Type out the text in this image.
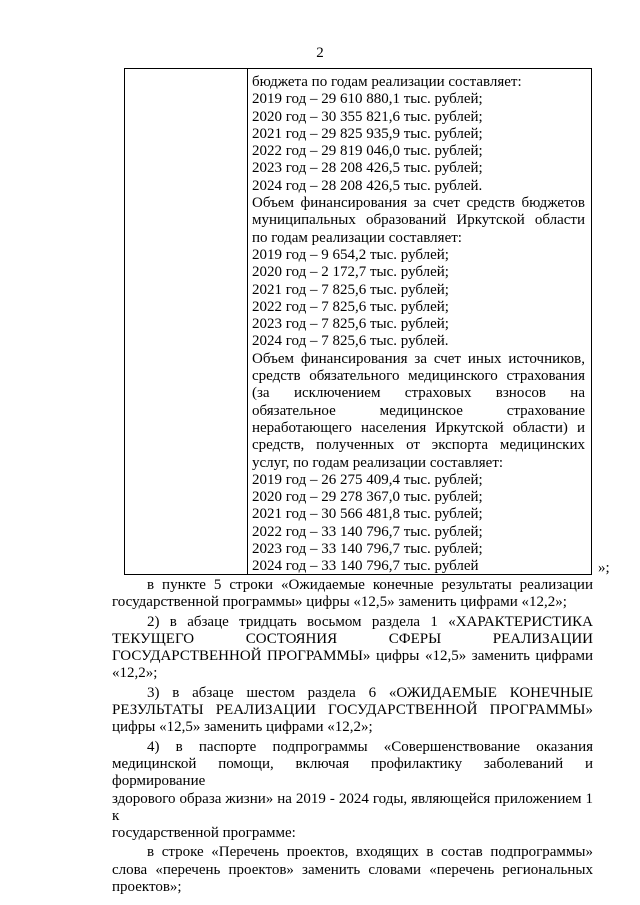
2
бюджета по годам реализации составляет:
2019 год – 29 610 880,1 тыс. рублей;
2020 год – 30 355 821,6 тыс. рублей;
2021 год – 29 825 935,9 тыс. рублей;
2022 год – 29 819 046,0 тыс. рублей;
2023 год – 28 208 426,5 тыс. рублей;
2024 год – 28 208 426,5 тыс. рублей.
Объем финансирования за счет средств бюджетов
муниципальных образований Иркутской области
по годам реализации составляет:
2019 год – 9 654,2 тыс. рублей;
2020 год – 2 172,7 тыс. рублей;
2021 год – 7 825,6 тыс. рублей;
2022 год – 7 825,6 тыс. рублей;
2023 год – 7 825,6 тыс. рублей;
2024 год – 7 825,6 тыс. рублей.
Объем финансирования за счет иных источников,
средств обязательного медицинского страхования
(за исключением страховых взносов на
обязательное медицинское страхование
неработающего населения Иркутской области) и
средств, полученных от экспорта медицинских
услуг, по годам реализации составляет:
2019 год – 26 275 409,4 тыс. рублей;
2020 год – 29 278 367,0 тыс. рублей;
2021 год – 30 566 481,8 тыс. рублей;
2022 год – 33 140 796,7 тыс. рублей;
2023 год – 33 140 796,7 тыс. рублей;
2024 год – 33 140 796,7 тыс. рублей	»;
в пункте 5 строки «Ожидаемые конечные результаты реализации
государственной программы» цифры «12,5» заменить цифрами «12,2»;
2) в абзаце тридцать восьмом раздела 1 «ХАРАКТЕРИСТИКА
ТЕКУЩЕГО СОСТОЯНИЯ СФЕРЫ РЕАЛИЗАЦИИ
ГОСУДАРСТВЕННОЙ ПРОГРАММЫ» цифры «12,5» заменить цифрами
«12,2»;
3) в абзаце шестом раздела 6 «ОЖИДАЕМЫЕ КОНЕЧНЫЕ
РЕЗУЛЬТАТЫ РЕАЛИЗАЦИИ ГОСУДАРСТВЕННОЙ ПРОГРАММЫ»
цифры «12,5» заменить цифрами «12,2»;
4) в паспорте подпрограммы «Совершенствование оказания
медицинской помощи, включая профилактику заболеваний и формирование
здорового образа жизни» на 2019 - 2024 годы, являющейся приложением 1 к
государственной программе:
в строке «Перечень проектов, входящих в состав подпрограммы»
слова «перечень проектов» заменить словами «перечень региональных
проектов»;
